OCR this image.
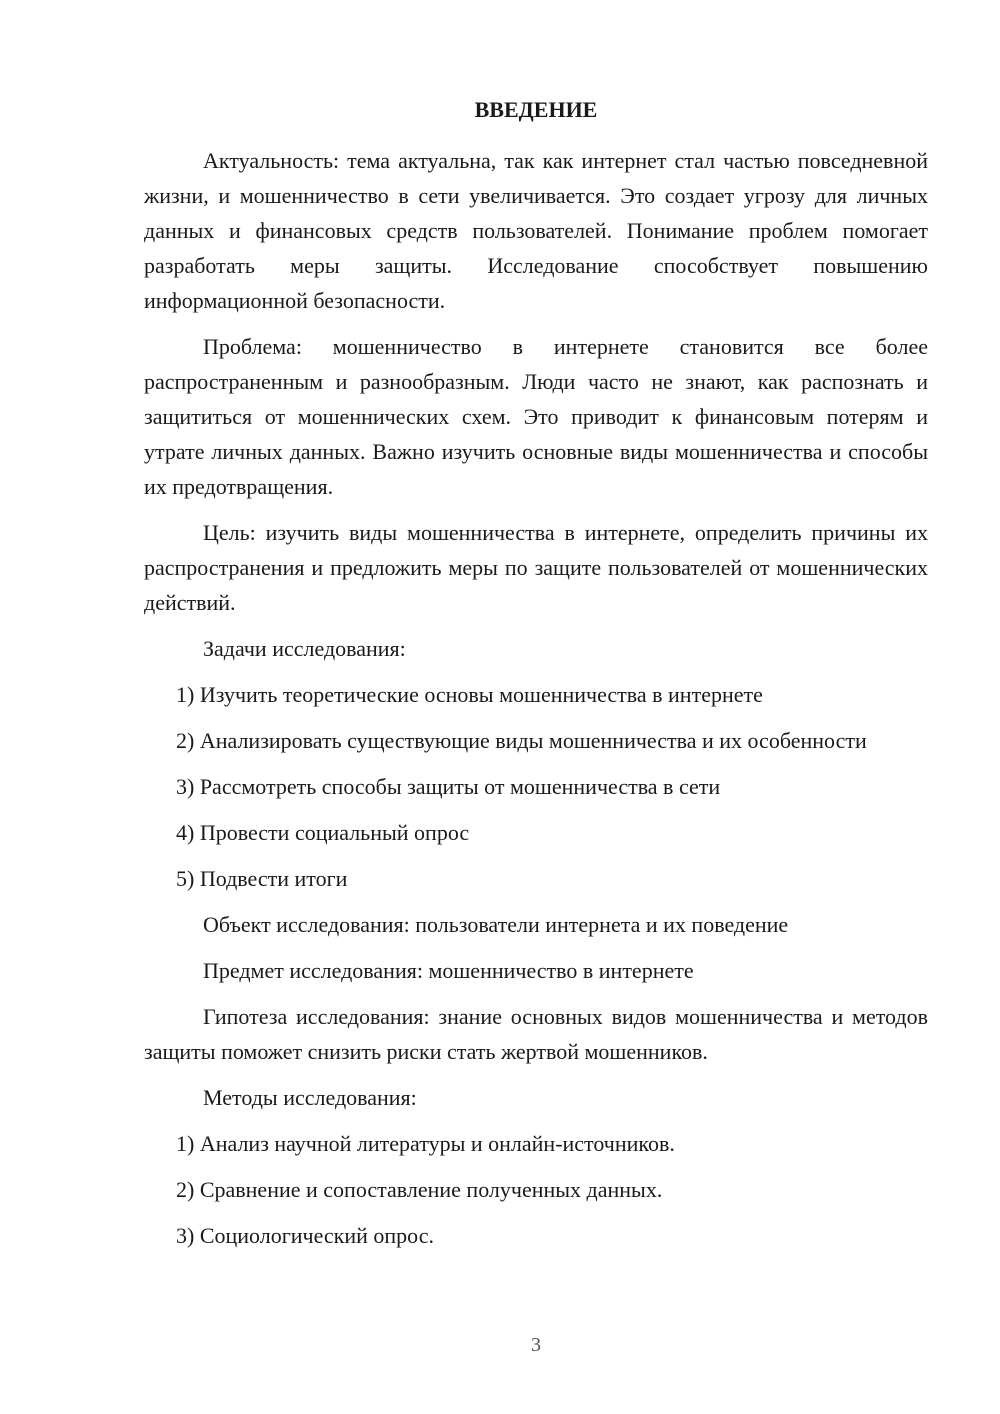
ВВЕДЕНИЕ

Актуальность: тема актуальна, так как интернет стал частью повседневной жизни, и мошенничество в сети увеличивается. Это создает угрозу для личных данных и финансовых средств пользователей. Понимание проблем помогает разработать меры защиты. Исследование способствует повышению информационной безопасности.

Проблема: мошенничество в интернете становится все более распространенным и разнообразным. Люди часто не знают, как распознать и защититься от мошеннических схем. Это приводит к финансовым потерям и утрате личных данных. Важно изучить основные виды мошенничества и способы их предотвращения.

Цель: изучить виды мошенничества в интернете, определить причины их распространения и предложить меры по защите пользователей от мошеннических действий.

Задачи исследования:

1) Изучить теоретические основы мошенничества в интернете

2) Анализировать существующие виды мошенничества и их особенности

3) Рассмотреть способы защиты от мошенничества в сети

4) Провести социальный опрос

5) Подвести итоги

Объект исследования: пользователи интернета и их поведение

Предмет исследования: мошенничество в интернете

Гипотеза исследования: знание основных видов мошенничества и методов защиты поможет снизить риски стать жертвой мошенников.

Методы исследования:

1) Анализ научной литературы и онлайн-источников.

2) Сравнение и сопоставление полученных данных.

3) Социологический опрос.

3
